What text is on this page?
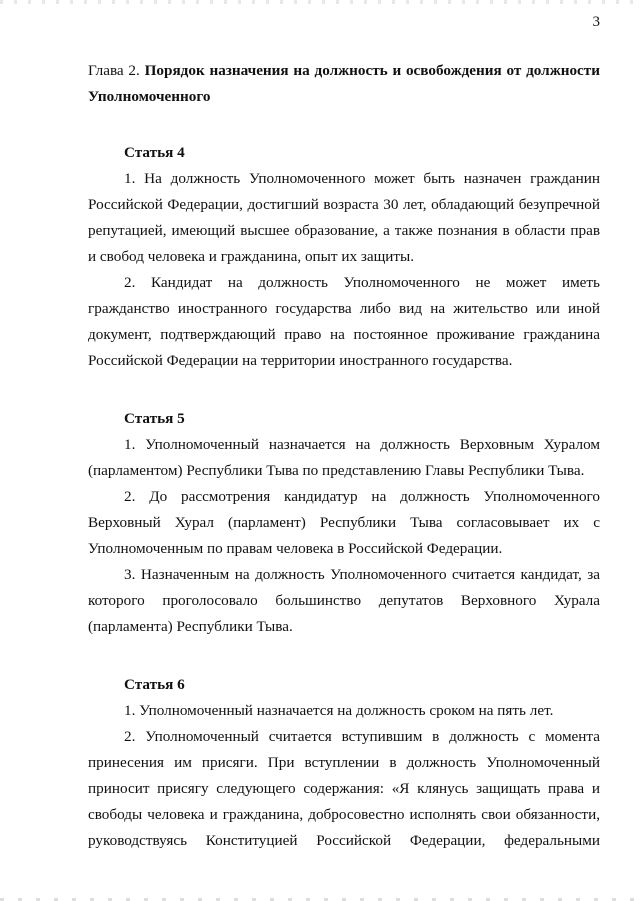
3

Глава 2. Порядок назначения на должность и освобождения от должности Уполномоченного

Статья 4

1. На должность Уполномоченного может быть назначен гражданин Российской Федерации, достигший возраста 30 лет, обладающий безупречной репутацией, имеющий высшее образование, а также познания в области прав и свобод человека и гражданина, опыт их защиты.

2. Кандидат на должность Уполномоченного не может иметь гражданство иностранного государства либо вид на жительство или иной документ, подтверждающий право на постоянное проживание гражданина Российской Федерации на территории иностранного государства.

Статья 5

1. Уполномоченный назначается на должность Верховным Хуралом (парламентом) Республики Тыва по представлению Главы Республики Тыва.

2. До рассмотрения кандидатур на должность Уполномоченного Верховный Хурал (парламент) Республики Тыва согласовывает их с Уполномоченным по правам человека в Российской Федерации.

3. Назначенным на должность Уполномоченного считается кандидат, за которого проголосовало большинство депутатов Верховного Хурала (парламента) Республики Тыва.

Статья 6

1. Уполномоченный назначается на должность сроком на пять лет.

2. Уполномоченный считается вступившим в должность с момента принесения им присяги. При вступлении в должность Уполномоченный приносит присягу следующего содержания: «Я клянусь защищать права и свободы человека и гражданина, добросовестно исполнять свои обязанности, руководствуясь Конституцией Российской Федерации, федеральными
